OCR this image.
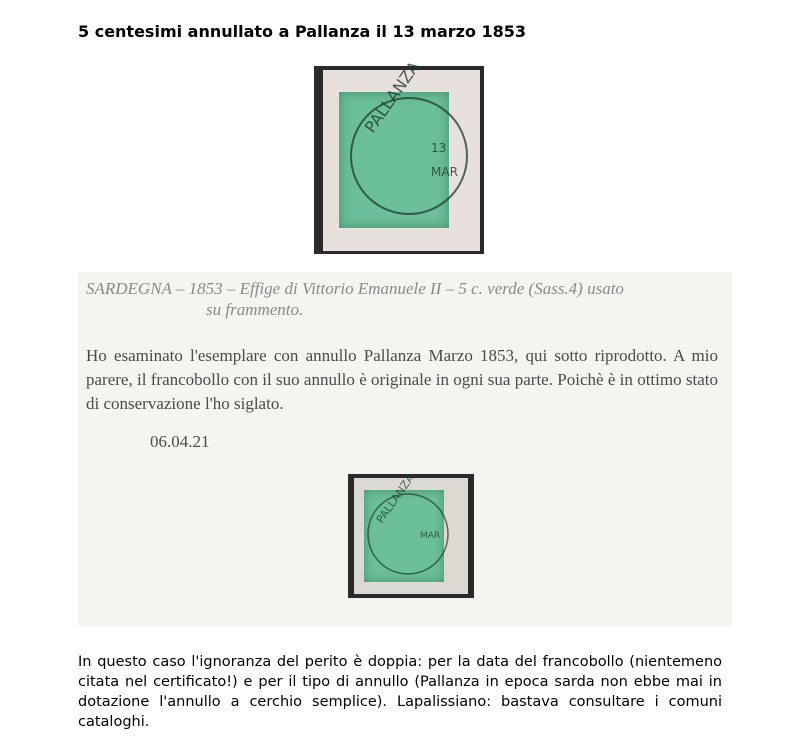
5 centesimi annullato a Pallanza il 13 marzo 1853
PALLANZA
13
MAR
SARDEGNA – 1853 – Effige di Vittorio Emanuele II – 5 c. verde (Sass.4) usato
su frammento.
Ho esaminato l'esemplare con annullo Pallanza Marzo 1853, qui sotto riprodotto. A mio parere, il francobollo con il suo annullo è originale in ogni sua parte. Poichè è in ottimo stato di conservazione l'ho siglato.
06.04.21
PALLANZA
MAR
In questo caso l'ignoranza del perito è doppia: per la data del francobollo (nientemeno citata nel certificato!) e per il tipo di annullo (Pallanza in epoca sarda non ebbe mai in dotazione l'annullo a cerchio semplice). Lapalissiano: bastava consultare i comuni cataloghi.
